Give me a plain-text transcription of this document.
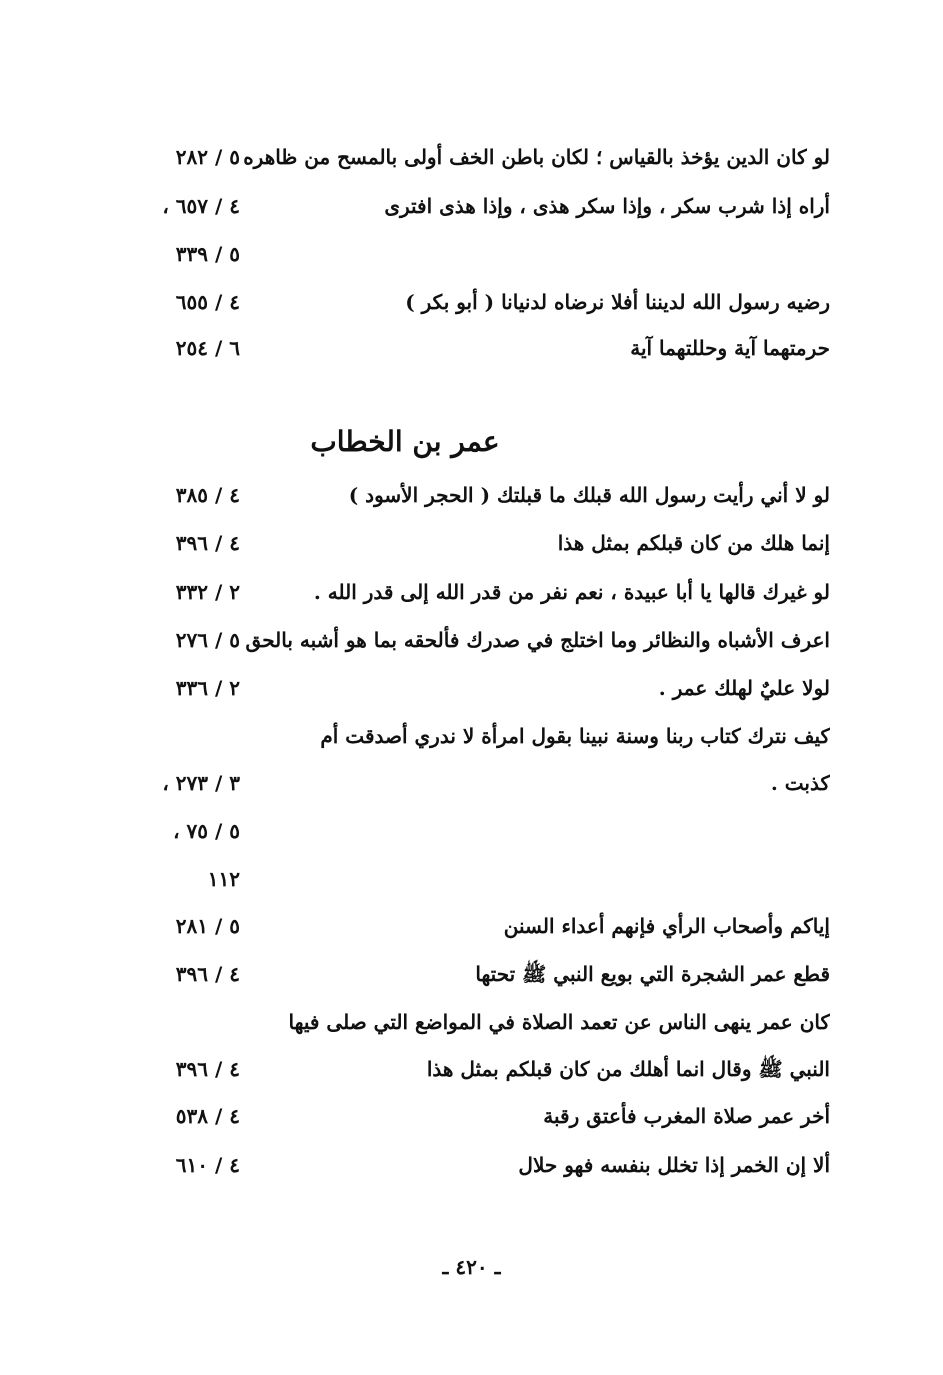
لو كان الدين يؤخذ بالقياس ؛ لكان باطن الخف أولى بالمسح من ظاهره
٥ / ٢٨٢
أراه إذا شرب سكر ، وإذا سكر هذى ، وإذا هذى افترى
٤ / ٦٥٧ ،
٥ / ٣٣٩
رضيه رسول الله لديننا أفلا نرضاه لدنيانا ( أبو بكر )
٤ / ٦٥٥
حرمتهما آية وحللتهما آية
٦ / ٢٥٤
عمر بن الخطاب
لو لا أني رأيت رسول الله قبلك ما قبلتك ( الحجر الأسود )
٤ / ٣٨٥
إنما هلك من كان قبلكم بمثل هذا
٤ / ٣٩٦
لو غيرك قالها يا أبا عبيدة ، نعم نفر من قدر الله إلى قدر الله .
٢ / ٣٣٢
اعرف الأشباه والنظائر وما اختلج في صدرك فألحقه بما هو أشبه بالحق
٥ / ٢٧٦
لولا عليٌ لهلك عمر .
٢ / ٣٣٦
كيف نترك كتاب ربنا وسنة نبينا بقول امرأة لا ندري أصدقت أم
كذبت .
٣ / ٢٧٣ ،
٥ / ٧٥ ،
١١٢
إياكم وأصحاب الرأي فإنهم أعداء السنن
٥ / ٢٨١
قطع عمر الشجرة التي بويع النبي ﷺ تحتها
٤ / ٣٩٦
كان عمر ينهى الناس عن تعمد الصلاة في المواضع التي صلى فيها
النبي ﷺ وقال انما أهلك من كان قبلكم بمثل هذا
٤ / ٣٩٦
أخر عمر صلاة المغرب فأعتق رقبة
٤ / ٥٣٨
ألا إن الخمر إذا تخلل بنفسه فهو حلال
٤ / ٦١٠
ـ ٤٢٠ ـ
